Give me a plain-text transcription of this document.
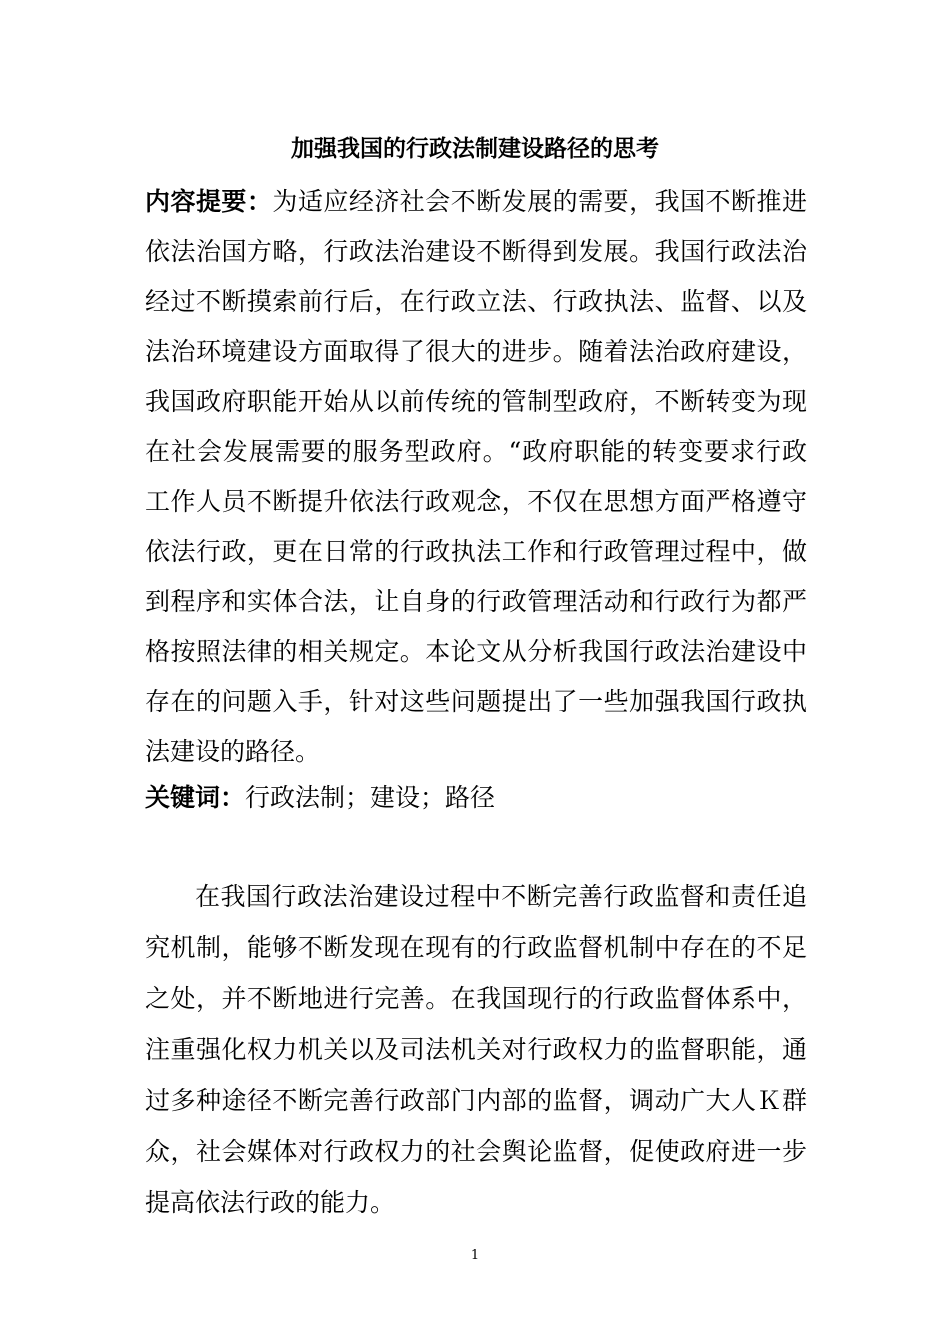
加强我国的行政法制建设路径的思考

内容提要：为适应经济社会不断发展的需要，我国不断推进依法治国方略，行政法治建设不断得到发展。我国行政法治经过不断摸索前行后，在行政立法、行政执法、监督、以及法治环境建设方面取得了很大的进步。随着法治政府建设，我国政府职能开始从以前传统的管制型政府，不断转变为现在社会发展需要的服务型政府。“政府职能的转变要求行政工作人员不断提升依法行政观念，不仅在思想方面严格遵守依法行政，更在日常的行政执法工作和行政管理过程中，做到程序和实体合法，让自身的行政管理活动和行政行为都严格按照法律的相关规定。本论文从分析我国行政法治建设中存在的问题入手，针对这些问题提出了一些加强我国行政执法建设的路径。

关键词：行政法制；建设；路径

在我国行政法治建设过程中不断完善行政监督和责任追究机制，能够不断发现在现有的行政监督机制中存在的不足之处，并不断地进行完善。在我国现行的行政监督体系中，注重强化权力机关以及司法机关对行政权力的监督职能，通过多种途径不断完善行政部门内部的监督，调动广大人Ｋ群众，社会媒体对行政权力的社会舆论监督，促使政府进一步提高依法行政的能力。

1
